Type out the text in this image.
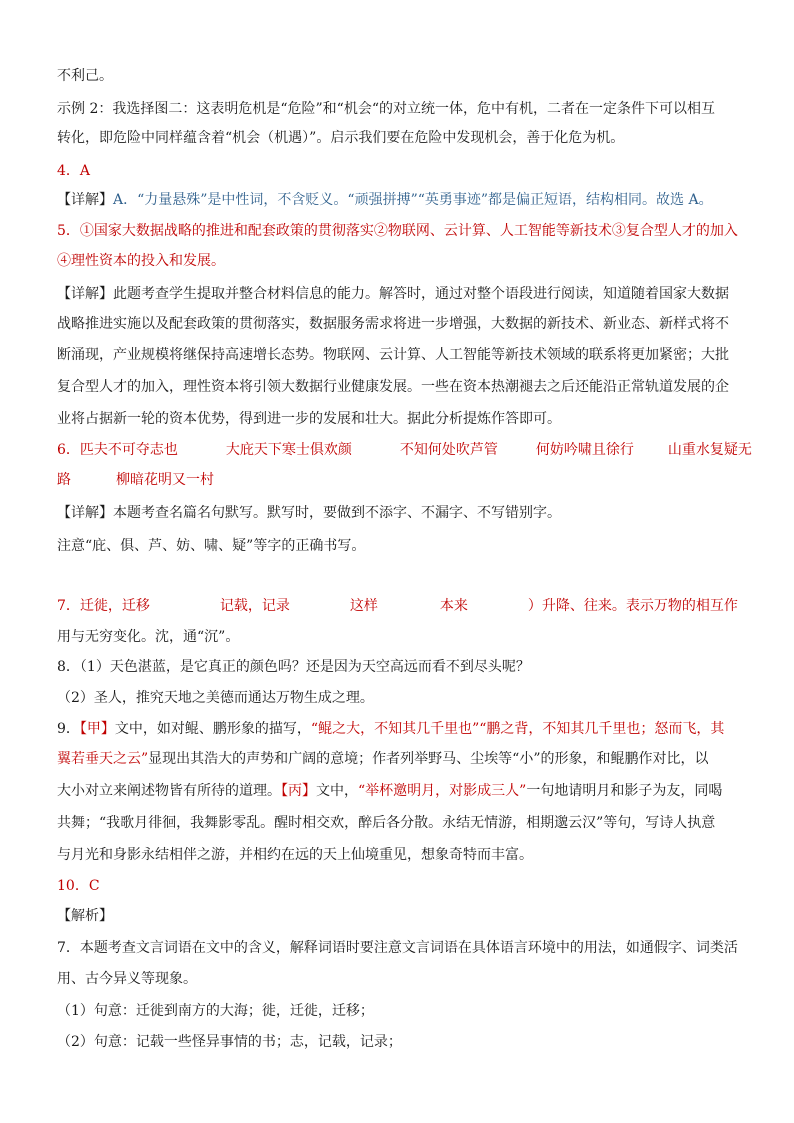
不利己。
示例 2：我选择图二：这表明危机是“危险”和“机会“的对立统一体，危中有机，二者在一定条件下可以相互
转化，即危险中同样蕴含着“机会（机遇）”。启示我们要在危险中发现机会，善于化危为机。
4．A
【详解】A．“力量悬殊”是中性词，不含贬义。“顽强拼搏”“英勇事迹”都是偏正短语，结构相同。故选 A。
5．①国家大数据战略的推进和配套政策的贯彻落实②物联网、云计算、人工智能等新技术③复合型人才的加入
④理性资本的投入和发展。
【详解】此题考查学生提取并整合材料信息的能力。解答时，通过对整个语段进行阅读，知道随着国家大数据
战略推进实施以及配套政策的贯彻落实，数据服务需求将进一步增强，大数据的新技术、新业态、新样式将不
断涌现，产业规模将继保持高速增长态势。物联网、云计算、人工智能等新技术领域的联系将更加紧密；大批
复合型人才的加入，理性资本将引领大数据行业健康发展。一些在资本热潮褪去之后还能沿正常轨道发展的企
业将占据新一轮的资本优势，得到进一步的发展和壮大。据此分析提炼作答即可。
6．匹夫不可夺志也	大庇天下寒士俱欢颜	不知何处吹芦管	何妨吟啸且徐行 山重水复疑无
路	柳暗花明又一村
【详解】本题考查名篇名句默写。默写时，要做到不添字、不漏字、不写错别字。
注意“庇、俱、芦、妨、啸、疑”等字的正确书写。
7．迁徙，迁移	记载，记录	这样	本来	）升降、往来。表示万物的相互作
用与无穷变化。沈，通“沉”。
8．（1）天色湛蓝，是它真正的颜色吗？还是因为天空高远而看不到尽头呢？
（2）圣人，推究天地之美德而通达万物生成之理。
9．【甲】文中，如对鲲、鹏形象的描写，“鲲之大，不知其几千里也”“鹏之背，不知其几千里也；怒而飞，其
翼若垂天之云”显现出其浩大的声势和广阔的意境；作者列举野马、尘埃等“小”的形象，和鲲鹏作对比，以
大小对立来阐述物皆有所待的道理。【丙】文中，“举杯邀明月，对影成三人”一句地请明月和影子为友，同喝
共舞；“我歌月徘徊，我舞影零乱。醒时相交欢，醉后各分散。永结无情游，相期邈云汉”等句，写诗人执意
与月光和身影永结相伴之游，并相约在远的天上仙境重见，想象奇特而丰富。
10．C
【解析】
7．本题考查文言词语在文中的含义，解释词语时要注意文言词语在具体语言环境中的用法，如通假字、词类活
用、古今异义等现象。
（1）句意：迁徙到南方的大海；徙，迁徙，迁移；
（2）句意：记载一些怪异事情的书；志，记载，记录；
